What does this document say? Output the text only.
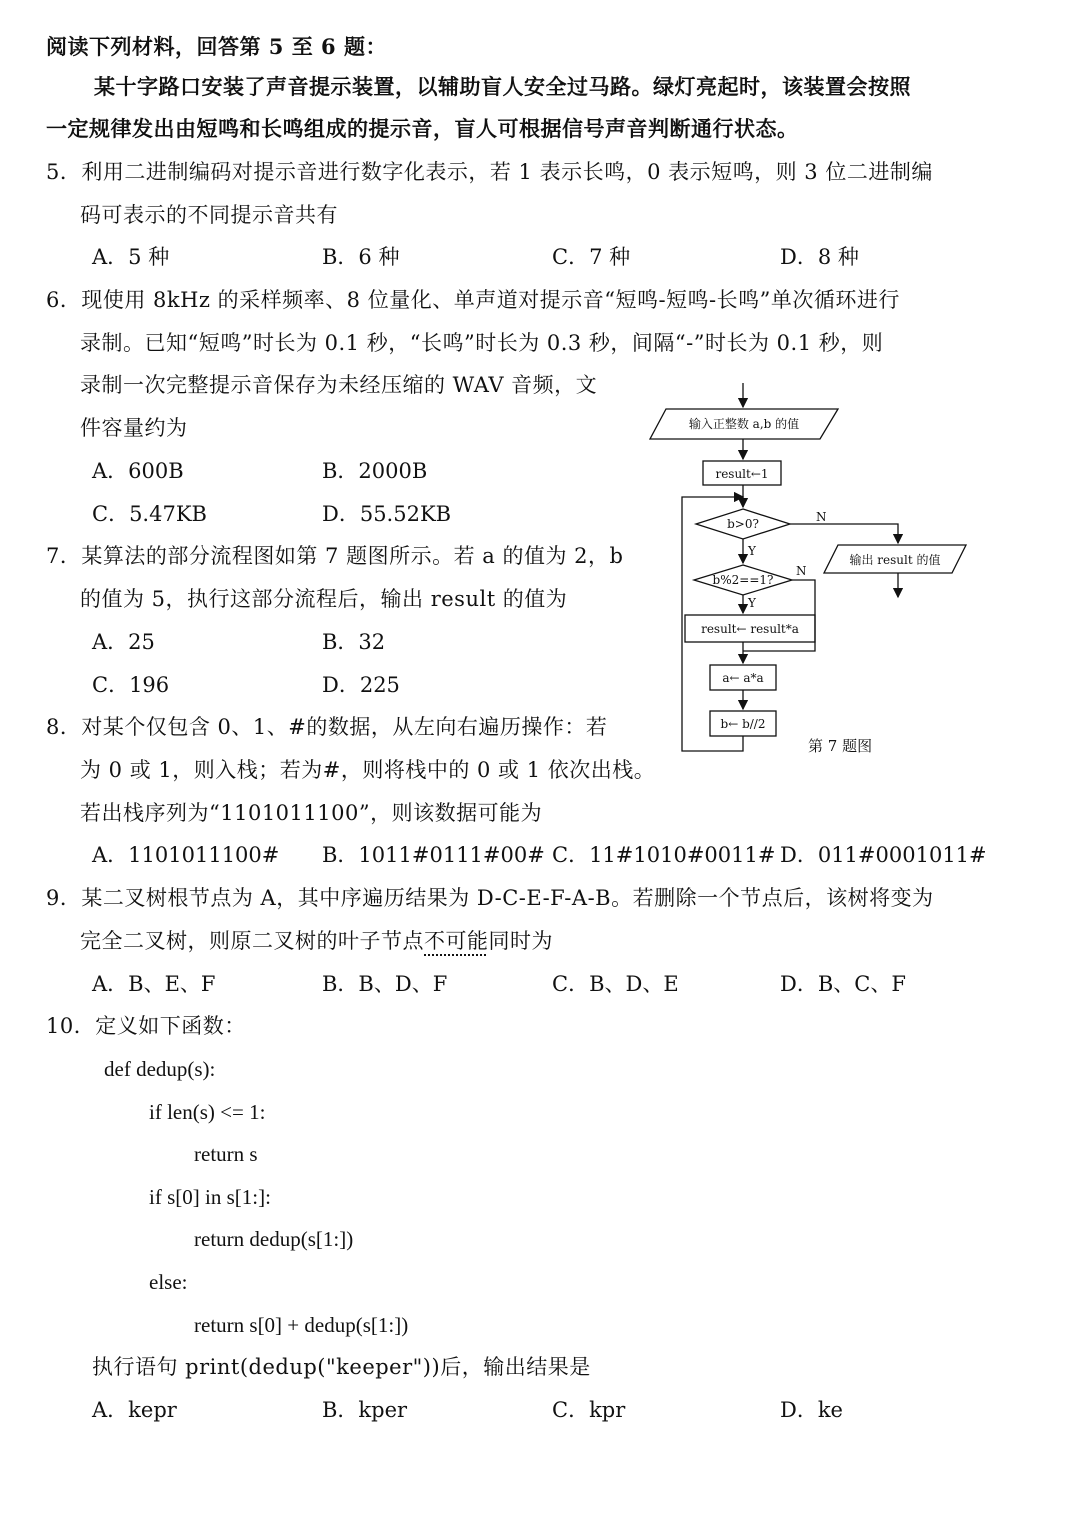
阅读下列材料，回答第 5 至 6 题：
某十字路口安装了声音提示装置，以辅助盲人安全过马路。绿灯亮起时，该装置会按照
一定规律发出由短鸣和长鸣组成的提示音，盲人可根据信号声音判断通行状态。
5．利用二进制编码对提示音进行数字化表示，若 1 表示长鸣，0 表示短鸣，则 3 位二进制编
码可表示的不同提示音共有
A．5 种	B．6 种	C．7 种	D．8 种
6．现使用 8kHz 的采样频率、8 位量化、单声道对提示音“短鸣-短鸣-长鸣”单次循环进行
录制。已知“短鸣”时长为 0.1 秒，“长鸣”时长为 0.3 秒，间隔“-”时长为 0.1 秒，则
录制一次完整提示音保存为未经压缩的 WAV 音频，文
件容量约为
A．600B	B．2000B
C．5.47KB	D．55.52KB
7．某算法的部分流程图如第 7 题图所示。若 a 的值为 2，b
的值为 5，执行这部分流程后，输出 result 的值为
A．25	B．32
C．196	D．225
输入正整数 a,b 的值
result←1
b>0?
输出 result 的值
b%2==1?
result← result*a
a← a*a
b← b//2
Y
N
Y
N
第 7 题图
8．对某个仅包含 0、1、#的数据，从左向右遍历操作：若
为 0 或 1，则入栈；若为#，则将栈中的 0 或 1 依次出栈。
若出栈序列为“1101011100”，则该数据可能为
A．1101011100# B．1011#0111#00# C．11#1010#0011# D．011#0001011#
9．某二叉树根节点为 A，其中序遍历结果为 D-C-E-F-A-B。若删除一个节点后，该树将变为
完全二叉树，则原二叉树的叶子节点不可能同时为
A．B、E、F	B．B、D、F	C．B、D、E	D．B、C、F
10．定义如下函数：
def dedup(s):
if len(s) <= 1:
return s
if s[0] in s[1:]:
return dedup(s[1:])
else:
return s[0] + dedup(s[1:])
执行语句 print(dedup("keeper"))后，输出结果是
A．kepr	B．kper	C．kpr	D．ke
